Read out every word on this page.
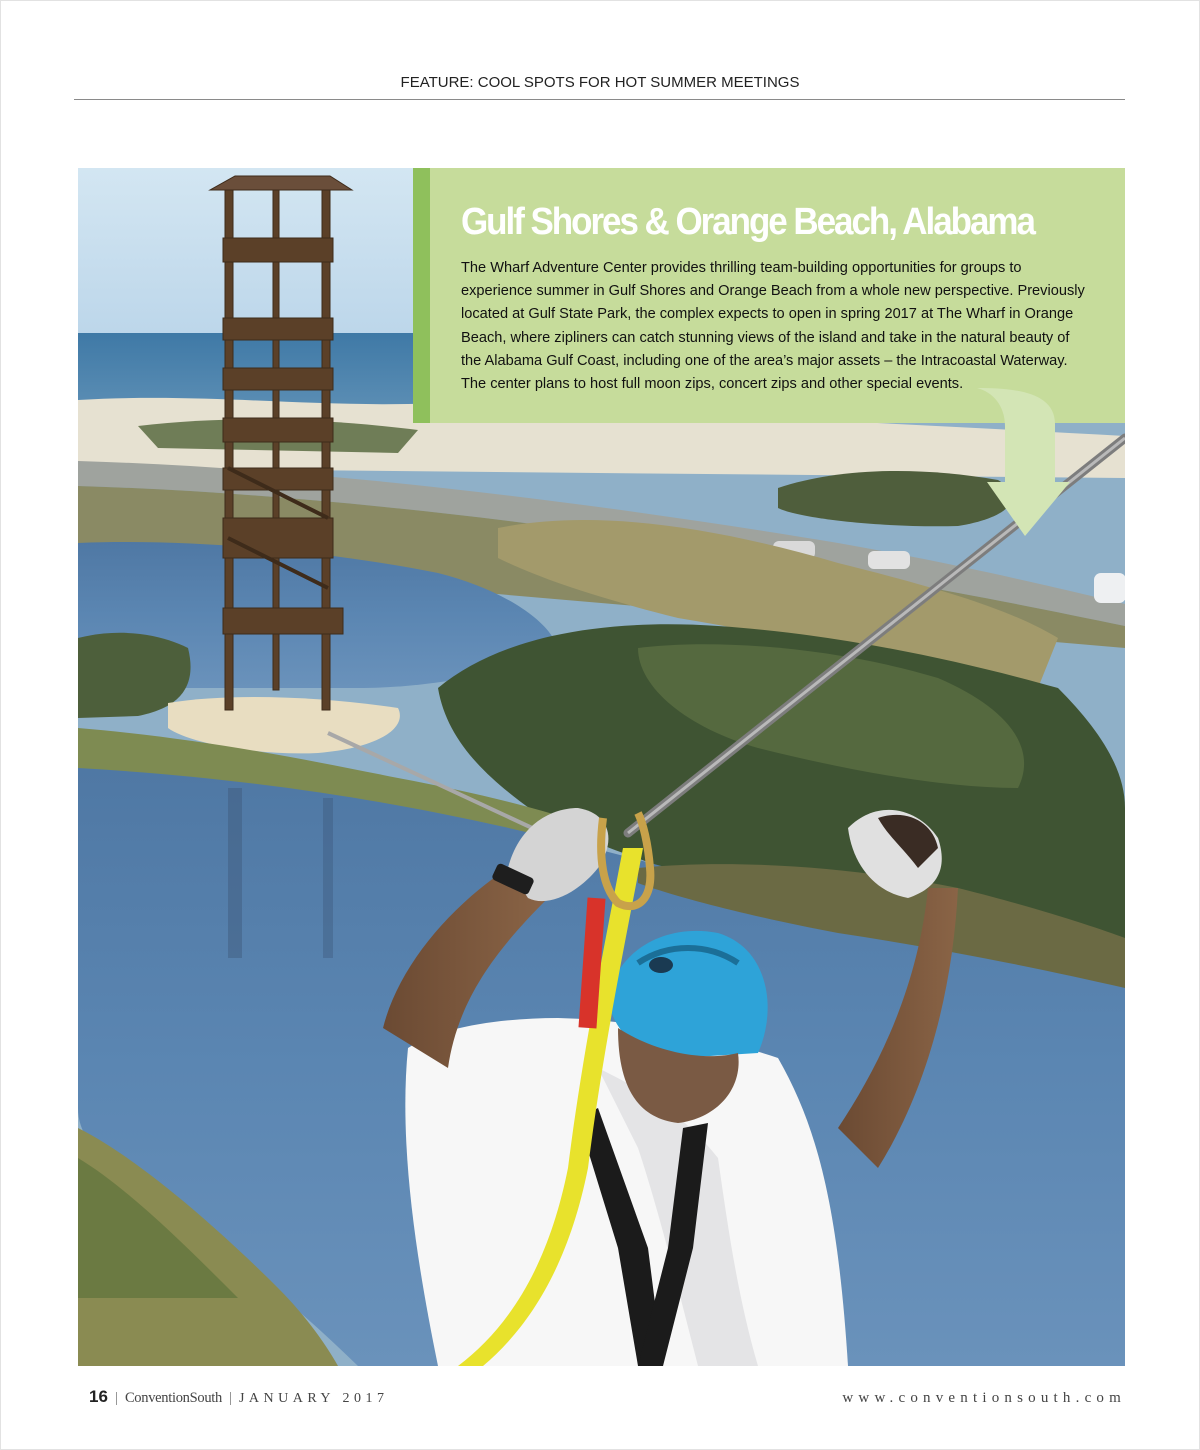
FEATURE: COOL SPOTS FOR HOT SUMMER MEETINGS
Gulf Shores & Orange Beach, Alabama

The Wharf Adventure Center provides thrilling team-building opportunities for groups to experience summer in Gulf Shores and Orange Beach from a whole new perspective. Previously located at Gulf State Park, the complex expects to open in spring 2017 at The Wharf in Orange Beach, where zipliners can catch stunning views of the island and take in the natural beauty of the Alabama Gulf Coast, including one of the area’s major assets – the Intracoastal Waterway. The center plans to host full moon zips, concert zips and other special events.

16 | ConventionSouth | JANUARY 2017	www.conventionsouth.com
